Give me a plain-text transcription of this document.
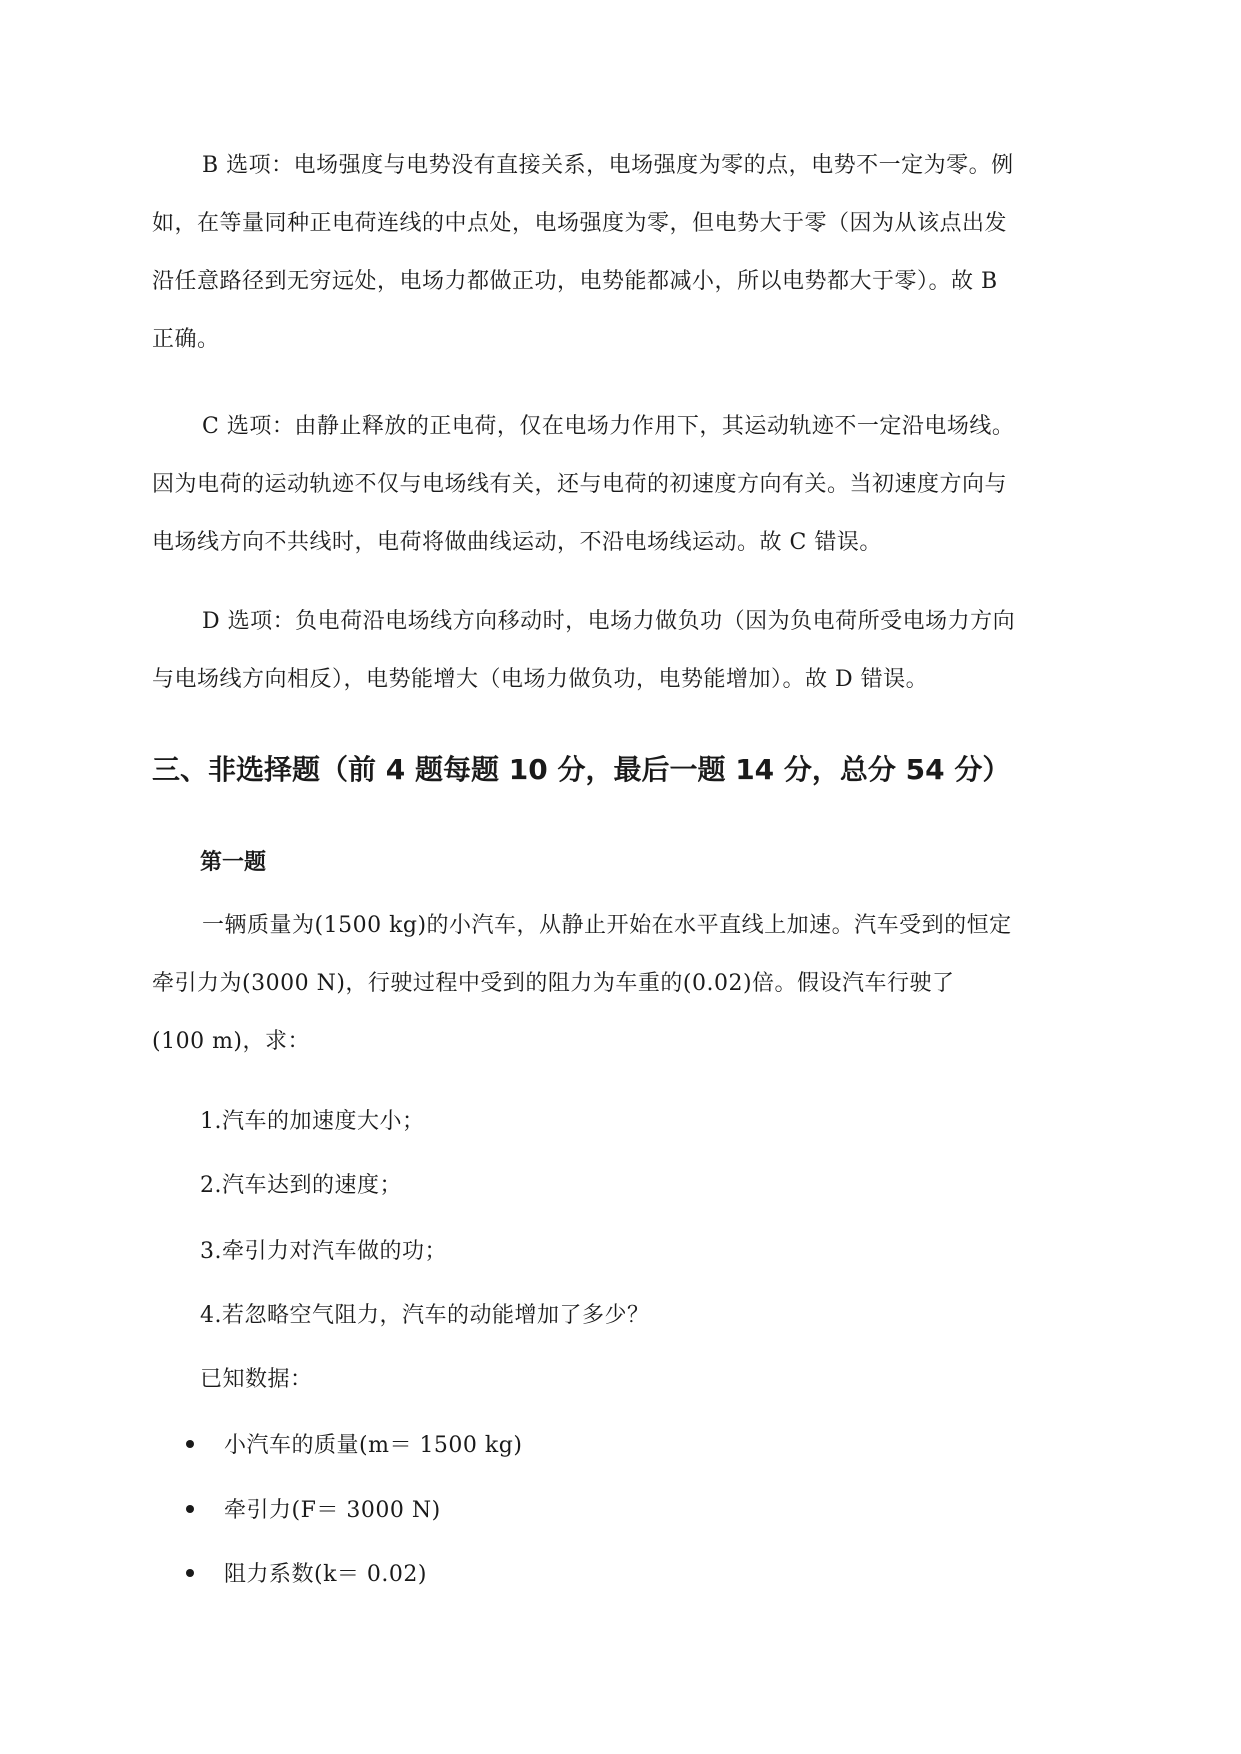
B 选项：电场强度与电势没有直接关系，电场强度为零的点，电势不一定为零。例
如，在等量同种正电荷连线的中点处，电场强度为零，但电势大于零（因为从该点出发
沿任意路径到无穷远处，电场力都做正功，电势能都减小，所以电势都大于零）。故 B
正确。
C 选项：由静止释放的正电荷，仅在电场力作用下，其运动轨迹不一定沿电场线。
因为电荷的运动轨迹不仅与电场线有关，还与电荷的初速度方向有关。当初速度方向与
电场线方向不共线时，电荷将做曲线运动，不沿电场线运动。故 C 错误。
D 选项：负电荷沿电场线方向移动时，电场力做负功（因为负电荷所受电场力方向
与电场线方向相反），电势能增大（电场力做负功，电势能增加）。故 D 错误。
三、非选择题（前 4 题每题 10 分，最后一题 14 分，总分 54 分）
第一题
一辆质量为(1500 kg)的小汽车，从静止开始在水平直线上加速。汽车受到的恒定
牵引力为(3000 N)，行驶过程中受到的阻力为车重的(0.02)倍。假设汽车行驶了
(100 m)，求：
1.汽车的加速度大小；
2.汽车达到的速度；
3.牵引力对汽车做的功；
4.若忽略空气阻力，汽车的动能增加了多少？
已知数据：
小汽车的质量(m＝ 1500 kg)
牵引力(F＝ 3000 N)
阻力系数(k＝ 0.02)
